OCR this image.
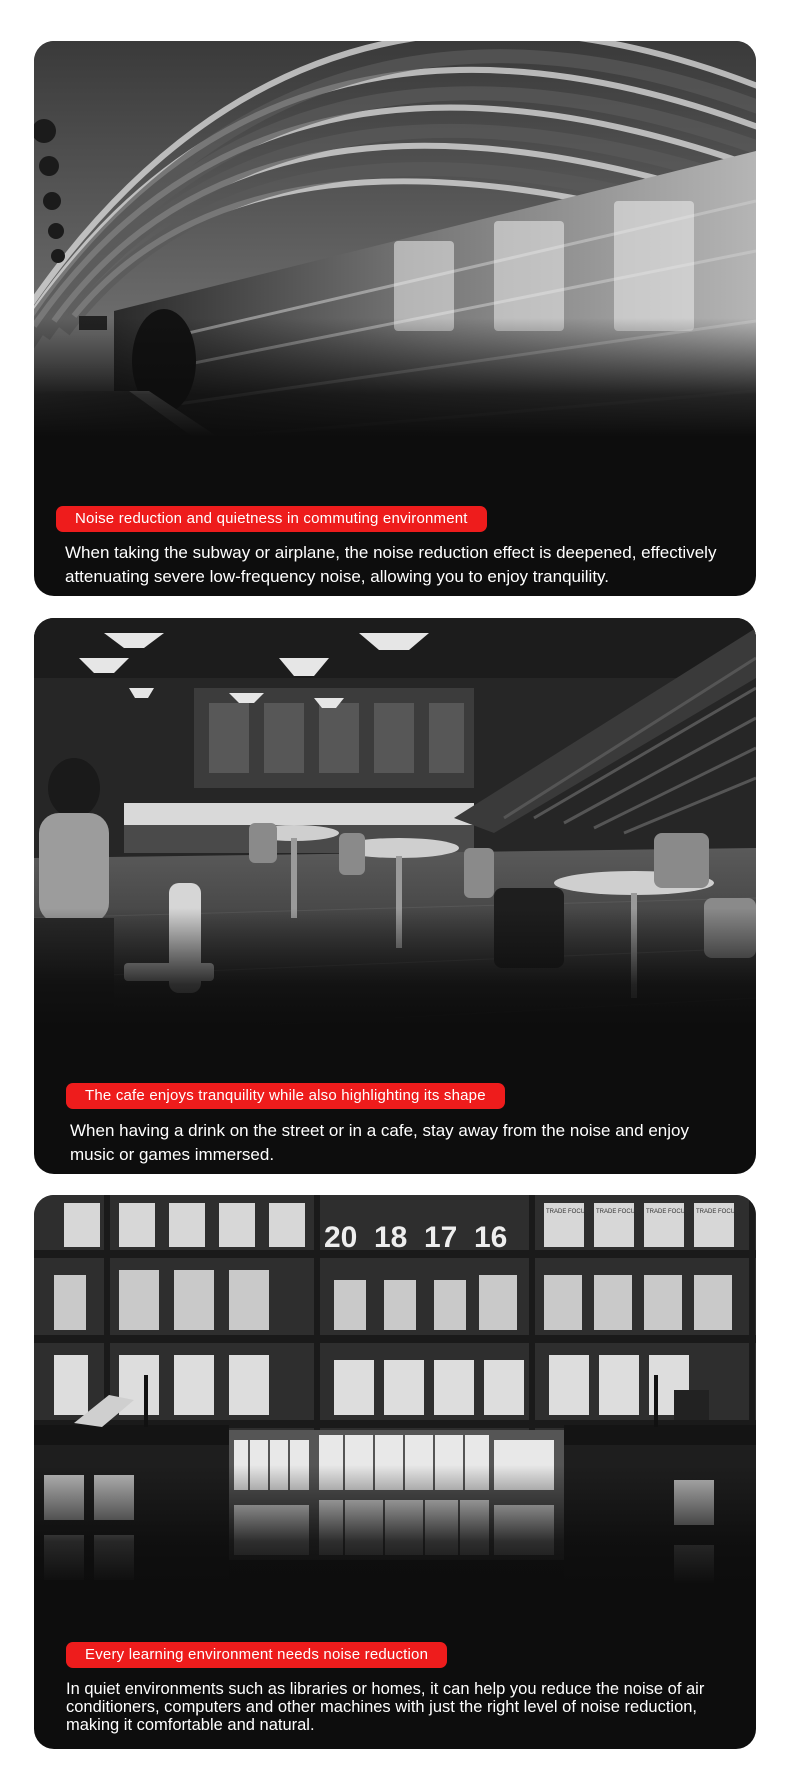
Noise reduction and quietness in commuting environment
When taking the subway or airplane, the noise reduction effect is deepened, effectively attenuating severe low-frequency noise, allowing you to enjoy tranquility.
The cafe enjoys tranquility while also highlighting its shape
When having a drink on the street or in a cafe, stay away from the noise and enjoy music or games immersed.
20 18 17 16
TRADE FOCUS TRADE FOCUS TRADE FOCUS TRADE FOCUS
Every learning environment needs noise reduction
In quiet environments such as libraries or homes, it can help you reduce the noise of air conditioners, computers and other machines with just the right level of noise reduction, making it comfortable and natural.
